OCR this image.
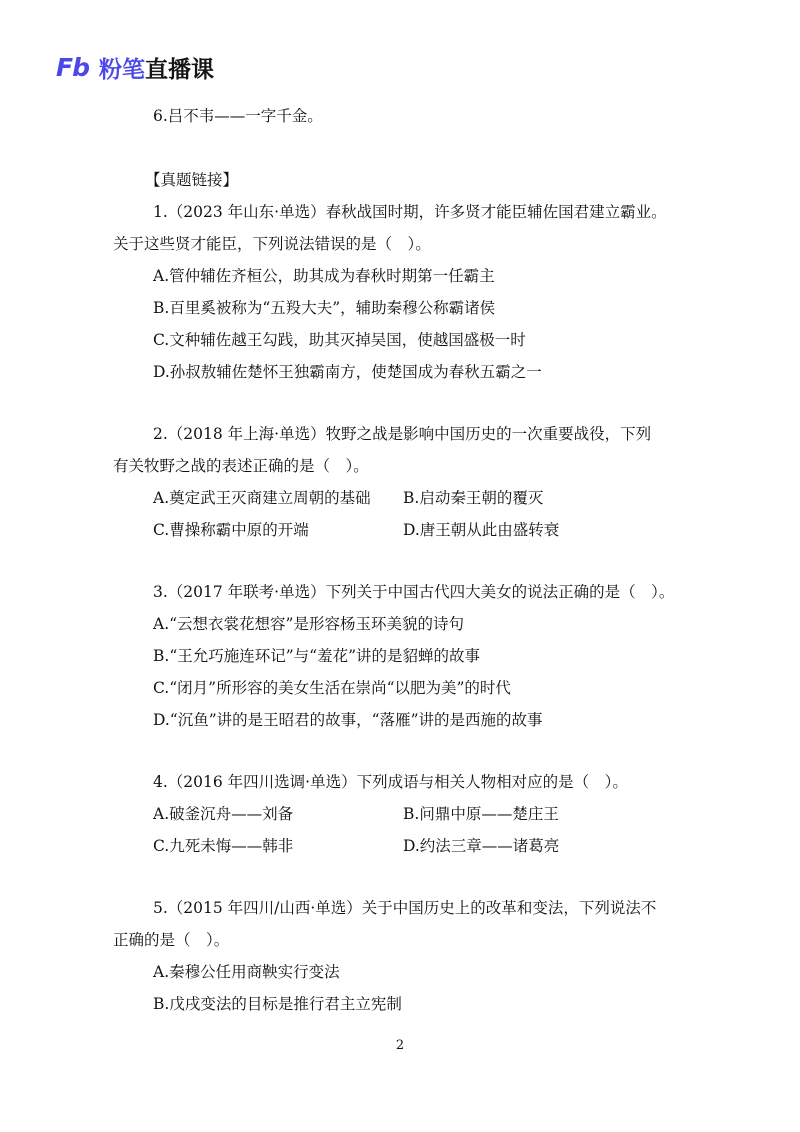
Fb 粉笔直播课
6.吕不韦——一字千金。
【真题链接】
1.（2023 年山东·单选）春秋战国时期，许多贤才能臣辅佐国君建立霸业。
关于这些贤才能臣，下列说法错误的是（　）。
A.管仲辅佐齐桓公，助其成为春秋时期第一任霸主
B.百里奚被称为“五羖大夫”，辅助秦穆公称霸诸侯
C.文种辅佐越王勾践，助其灭掉吴国，使越国盛极一时
D.孙叔敖辅佐楚怀王独霸南方，使楚国成为春秋五霸之一
2.（2018 年上海·单选）牧野之战是影响中国历史的一次重要战役，下列
有关牧野之战的表述正确的是（　）。
A.奠定武王灭商建立周朝的基础 B.启动秦王朝的覆灭
C.曹操称霸中原的开端	D.唐王朝从此由盛转衰
3.（2017 年联考·单选）下列关于中国古代四大美女的说法正确的是（　）。
A.“云想衣裳花想容”是形容杨玉环美貌的诗句
B.“王允巧施连环记”与“羞花”讲的是貂蝉的故事
C.“闭月”所形容的美女生活在崇尚“以肥为美”的时代
D.“沉鱼”讲的是王昭君的故事，“落雁”讲的是西施的故事
4.（2016 年四川选调·单选）下列成语与相关人物相对应的是（　）。
A.破釜沉舟——刘备	B.问鼎中原——楚庄王
C.九死未悔——韩非	D.约法三章——诸葛亮
5.（2015 年四川/山西·单选）关于中国历史上的改革和变法，下列说法不
正确的是（　）。
A.秦穆公任用商鞅实行变法
B.戊戌变法的目标是推行君主立宪制
2
